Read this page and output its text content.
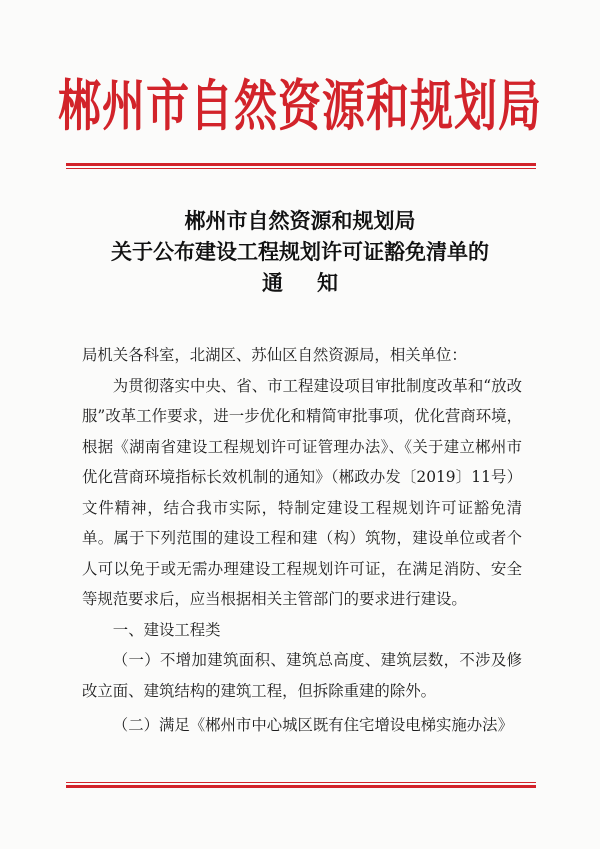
郴州市自然资源和规划局
郴州市自然资源和规划局
关于公布建设工程规划许可证豁免清单的
通知

局机关各科室，北湖区、苏仙区自然资源局，相关单位：

为贯彻落实中央、省、市工程建设项目审批制度改革和“放改服”改革工作要求，进一步优化和精简审批事项，优化营商环境，根据《湖南省建设工程规划许可证管理办法》、《关于建立郴州市优化营商环境指标长效机制的通知》（郴政办发〔2019〕11号）文件精神，结合我市实际，特制定建设工程规划许可证豁免清单。属于下列范围的建设工程和建（构）筑物，建设单位或者个人可以免于或无需办理建设工程规划许可证，在满足消防、安全等规范要求后，应当根据相关主管部门的要求进行建设。

一、建设工程类

（一）不增加建筑面积、建筑总高度、建筑层数，不涉及修改立面、建筑结构的建筑工程，但拆除重建的除外。

（二）满足《郴州市中心城区既有住宅增设电梯实施办法》
